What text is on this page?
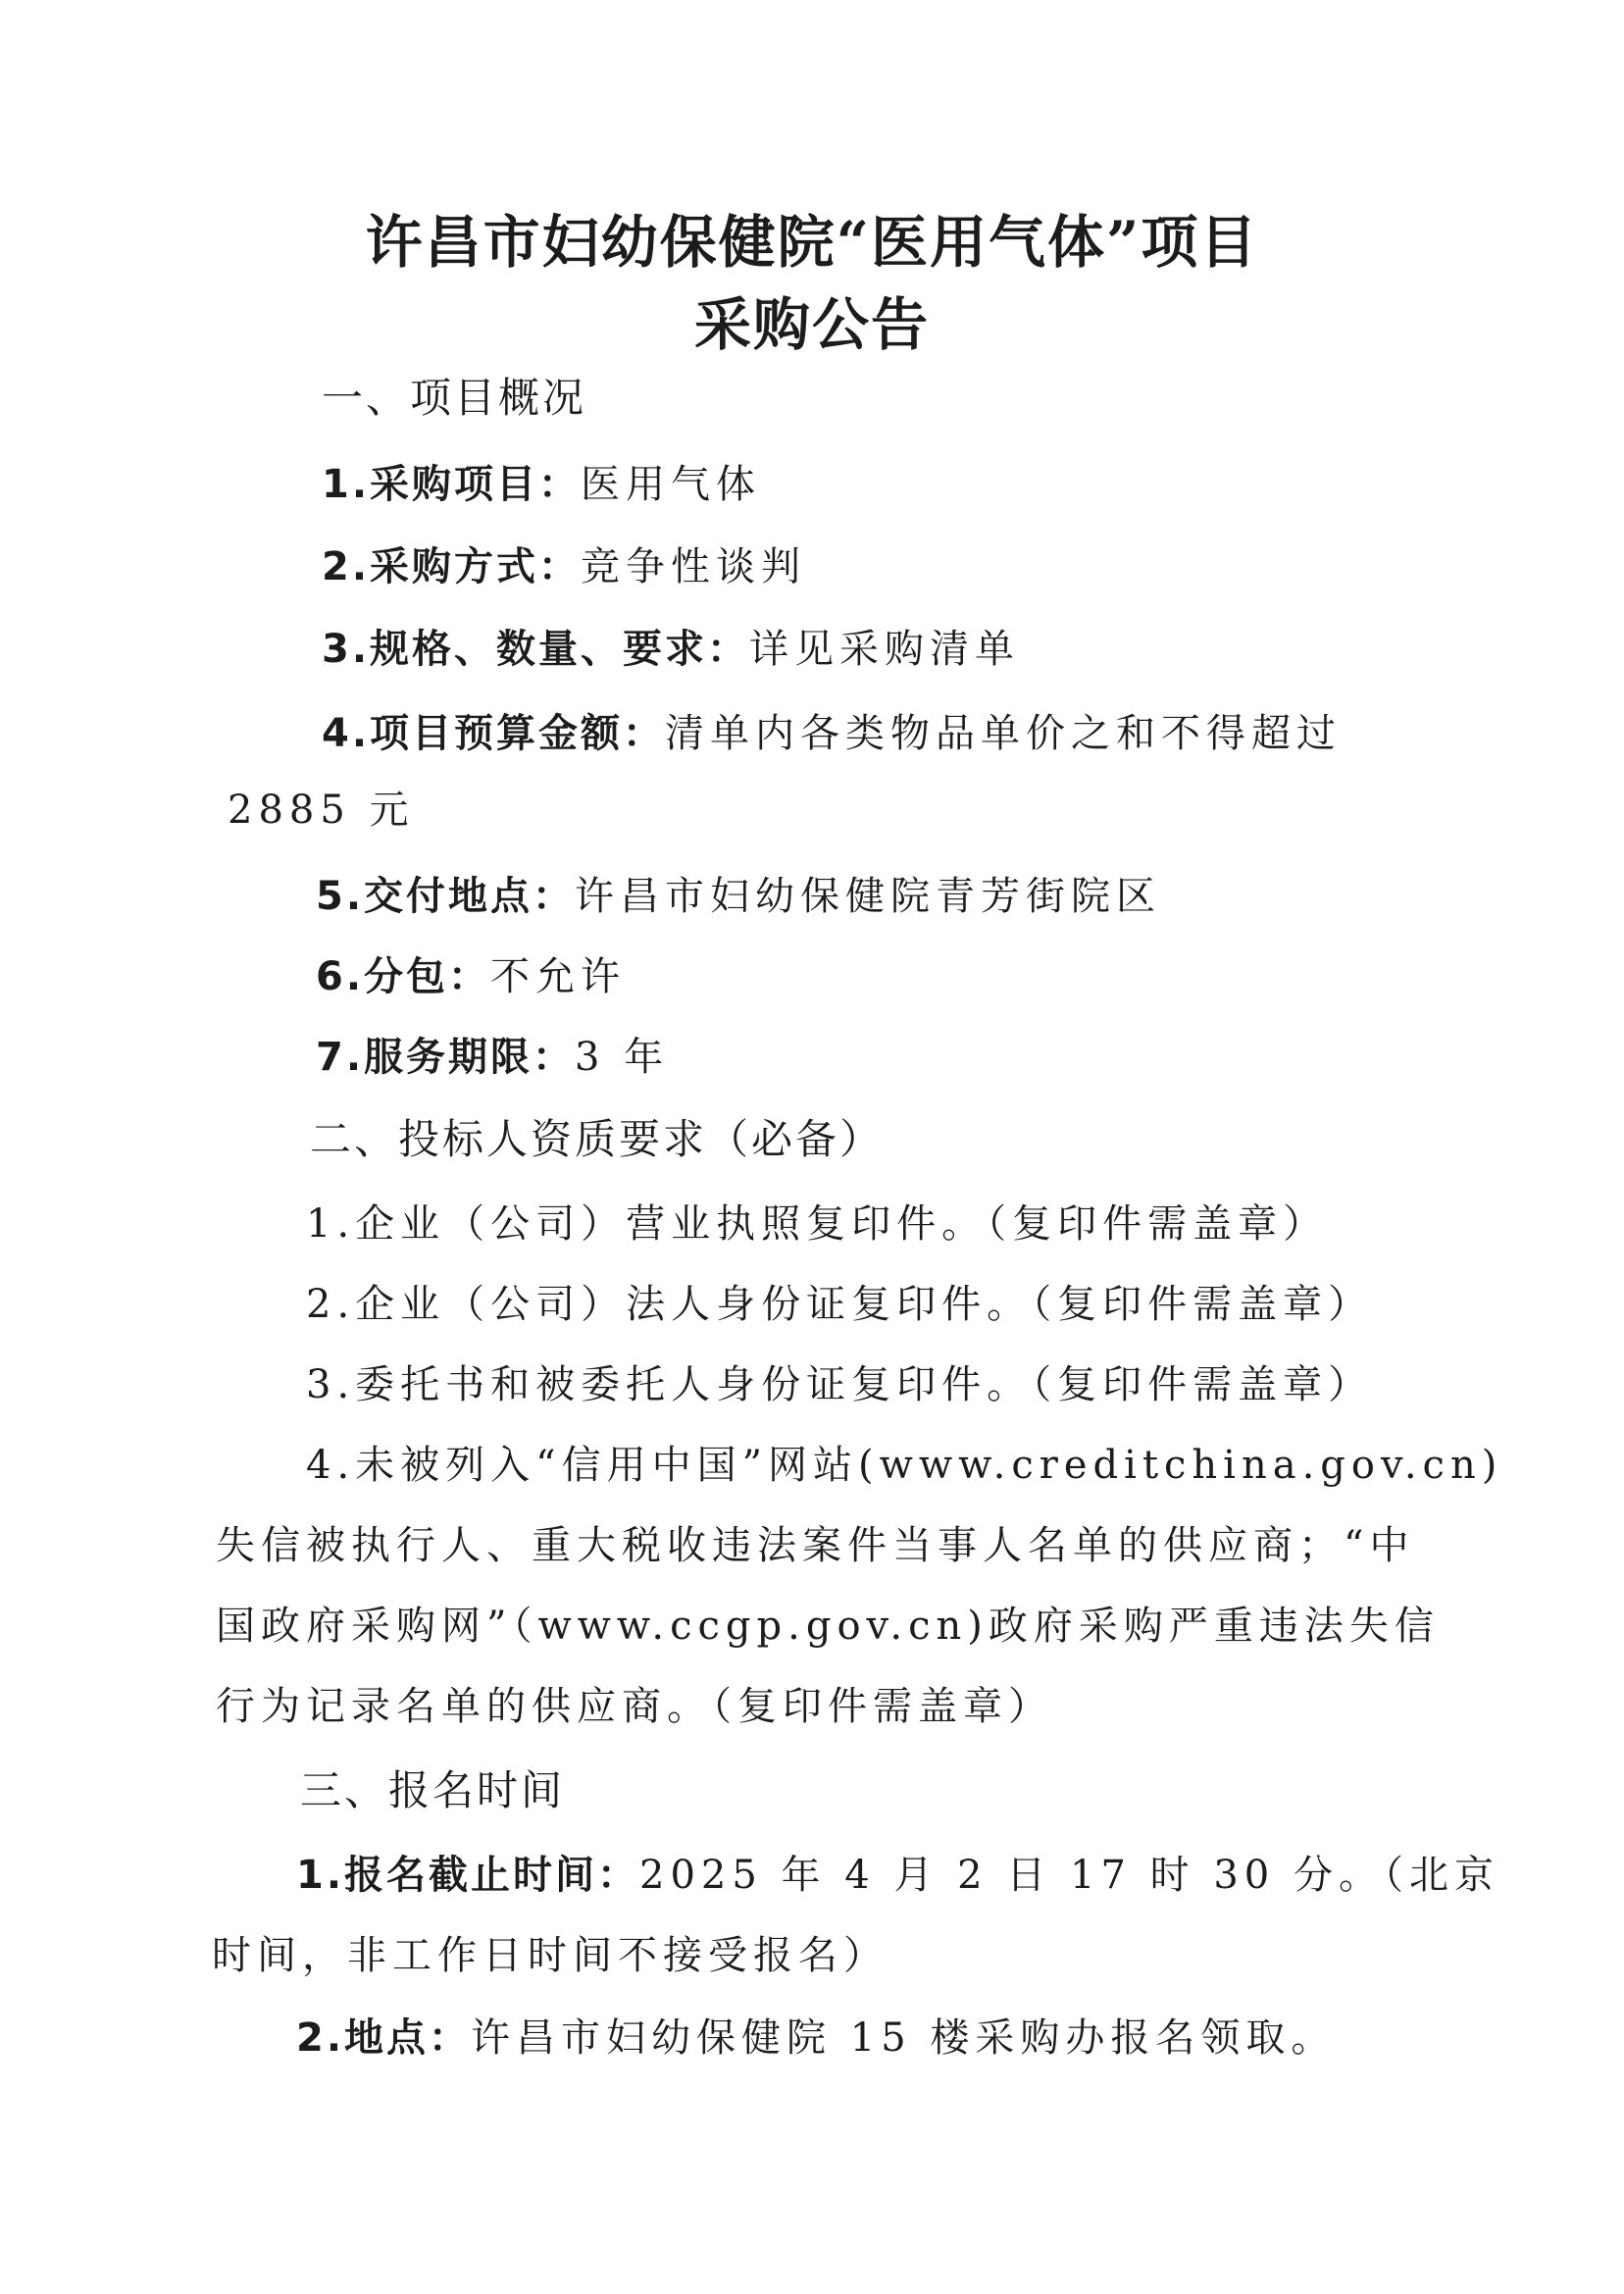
许昌市妇幼保健院“医用气体”项目
采购公告
一、项目概况
1.采购项目：医用气体
2.采购方式：竞争性谈判
3.规格、数量、要求：详见采购清单
4.项目预算金额：清单内各类物品单价之和不得超过
2885 元
5.交付地点：许昌市妇幼保健院青芳街院区
6.分包：不允许
7.服务期限：3 年
二、投标人资质要求（必备）
1.企业（公司）营业执照复印件。（复印件需盖章）
2.企业（公司）法人身份证复印件。（复印件需盖章）
3.委托书和被委托人身份证复印件。（复印件需盖章）
4.未被列入“信用中国”网站(www.creditchina.gov.cn)
失信被执行人、重大税收违法案件当事人名单的供应商；“中
国政府采购网”（www.ccgp.gov.cn)政府采购严重违法失信
行为记录名单的供应商。（复印件需盖章）
三、报名时间
1.报名截止时间：2025 年 4 月 2 日 17 时 30 分。（北京
时间，非工作日时间不接受报名）
2.地点：许昌市妇幼保健院 15 楼采购办报名领取。
